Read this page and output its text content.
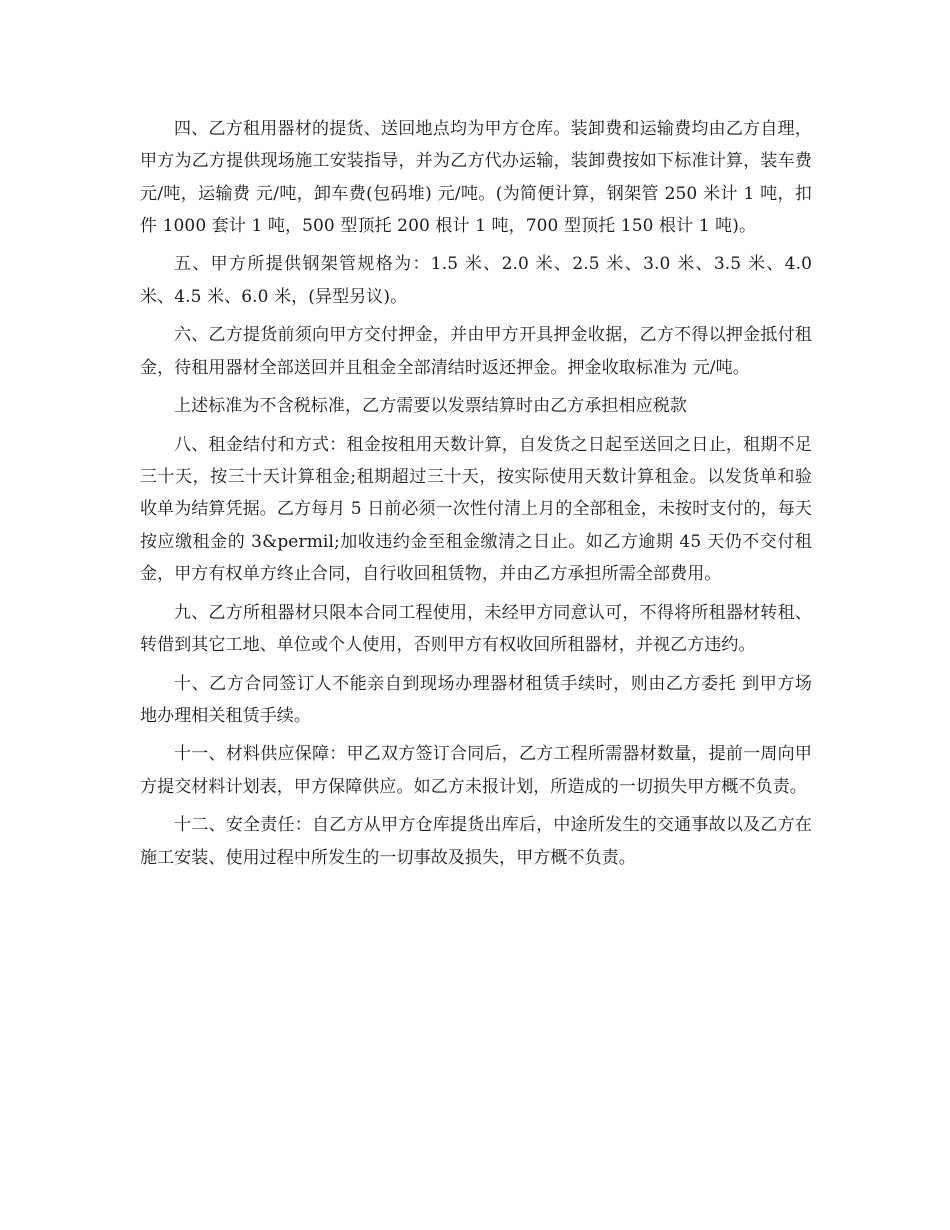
四、乙方租用器材的提货、送回地点均为甲方仓库。装卸费和运输费均由乙方自理，甲方为乙方提供现场施工安装指导，并为乙方代办运输，装卸费按如下标准计算，装车费 元/吨，运输费 元/吨，卸车费(包码堆) 元/吨。(为简便计算，钢架管 250 米计 1 吨，扣件 1000 套计 1 吨，500 型顶托 200 根计 1 吨，700 型顶托 150 根计 1 吨)。

五、甲方所提供钢架管规格为：1.5 米、2.0 米、2.5 米、3.0 米、3.5 米、4.0 米、4.5 米、6.0 米，(异型另议)。

六、乙方提货前须向甲方交付押金，并由甲方开具押金收据，乙方不得以押金抵付租金，待租用器材全部送回并且租金全部清结时返还押金。押金收取标准为 元/吨。

上述标准为不含税标准，乙方需要以发票结算时由乙方承担相应税款

八、租金结付和方式：租金按租用天数计算，自发货之日起至送回之日止，租期不足三十天，按三十天计算租金;租期超过三十天，按实际使用天数计算租金。以发货单和验收单为结算凭据。乙方每月 5 日前必须一次性付清上月的全部租金，未按时支付的，每天按应缴租金的 3&permil;加收违约金至租金缴清之日止。如乙方逾期 45 天仍不交付租金，甲方有权单方终止合同，自行收回租赁物，并由乙方承担所需全部费用。

九、乙方所租器材只限本合同工程使用，未经甲方同意认可，不得将所租器材转租、转借到其它工地、单位或个人使用，否则甲方有权收回所租器材，并视乙方违约。

十、乙方合同签订人不能亲自到现场办理器材租赁手续时，则由乙方委托 到甲方场地办理相关租赁手续。

十一、材料供应保障：甲乙双方签订合同后，乙方工程所需器材数量，提前一周向甲方提交材料计划表，甲方保障供应。如乙方未报计划，所造成的一切损失甲方概不负责。

十二、安全责任：自乙方从甲方仓库提货出库后，中途所发生的交通事故以及乙方在施工安装、使用过程中所发生的一切事故及损失，甲方概不负责。
